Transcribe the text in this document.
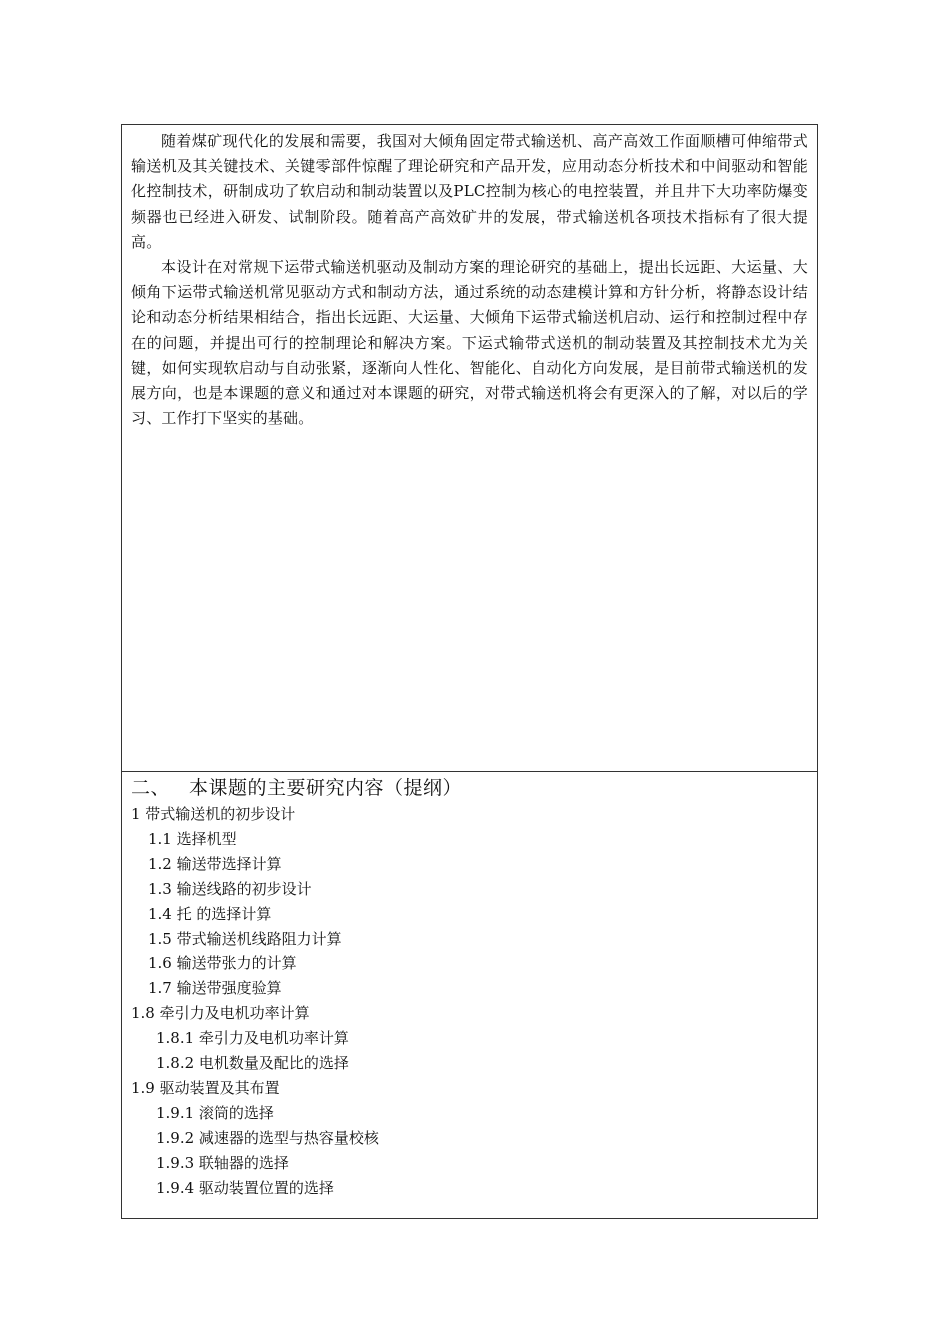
随着煤矿现代化的发展和需要，我国对大倾角固定带式输送机、高产高效工作面顺槽可伸缩带式输送机及其关键技术、关键零部件惊醒了理论研究和产品开发，应用动态分析技术和中间驱动和智能化控制技术，研制成功了软启动和制动装置以及PLC控制为核心的电控装置，并且井下大功率防爆变频器也已经进入研发、试制阶段。随着高产高效矿井的发展，带式输送机各项技术指标有了很大提高。

本设计在对常规下运带式输送机驱动及制动方案的理论研究的基础上，提出长远距、大运量、大倾角下运带式输送机常见驱动方式和制动方法，通过系统的动态建模计算和方针分析，将静态设计结论和动态分析结果相结合，指出长远距、大运量、大倾角下运带式输送机启动、运行和控制过程中存在的问题，并提出可行的控制理论和解决方案。下运式输带式送机的制动装置及其控制技术尤为关键，如何实现软启动与自动张紧，逐渐向人性化、智能化、自动化方向发展，是目前带式输送机的发展方向，也是本课题的意义和通过对本课题的研究，对带式输送机将会有更深入的了解，对以后的学习、工作打下坚实的基础。

二、 本课题的主要研究内容（提纲）
1 带式输送机的初步设计
1.1 选择机型
1.2 输送带选择计算
1.3 输送线路的初步设计
1.4 托 的选择计算
1.5 带式输送机线路阻力计算
1.6 输送带张力的计算
1.7 输送带强度验算
1.8 牵引力及电机功率计算
1.8.1 牵引力及电机功率计算
1.8.2 电机数量及配比的选择
1.9 驱动装置及其布置
1.9.1 滚筒的选择
1.9.2 减速器的选型与热容量校核
1.9.3 联轴器的选择
1.9.4 驱动装置位置的选择
